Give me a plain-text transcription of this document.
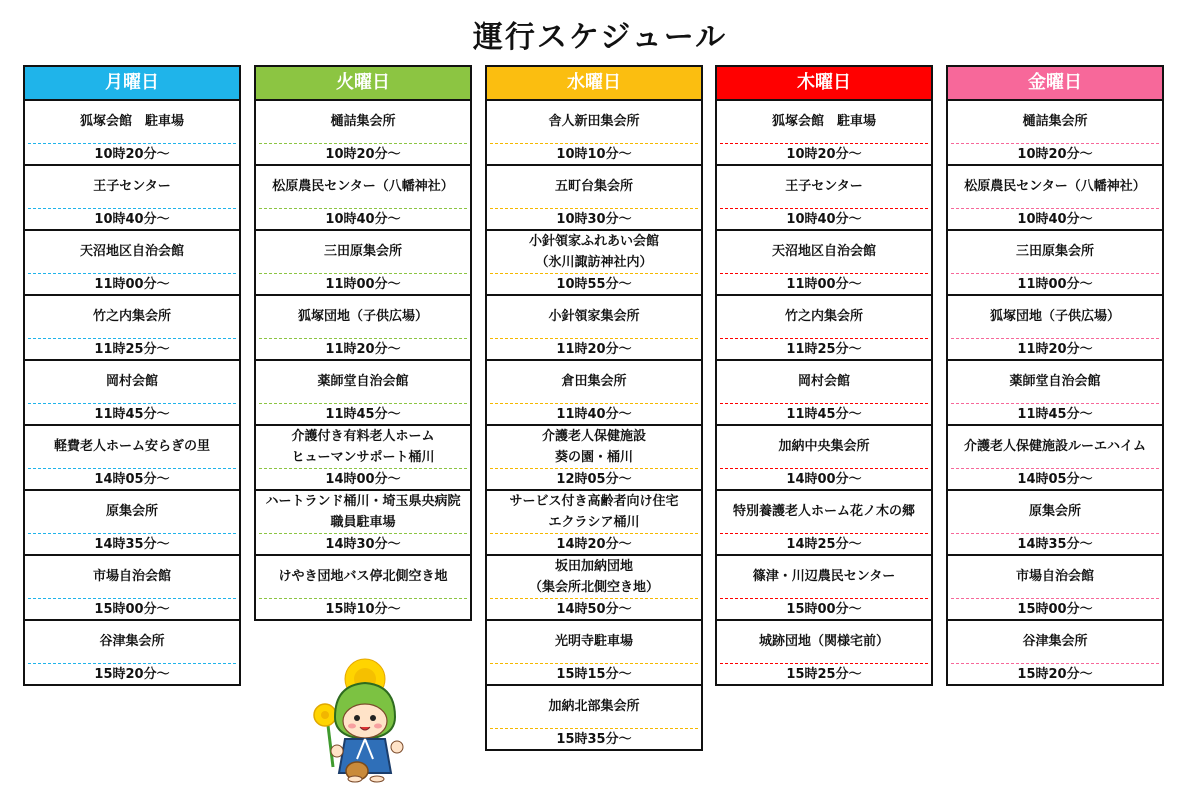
運行スケジュール
月曜日
狐塚会館　駐車場
10時20分～
王子センター
10時40分～
天沼地区自治会館
11時00分～
竹之内集会所
11時25分～
岡村会館
11時45分～
軽費老人ホーム安らぎの里
14時05分～
原集会所
14時35分～
市場自治会館
15時00分～
谷津集会所
15時20分～
火曜日
樋詰集会所
10時20分～
松原農民センター（八幡神社）
10時40分～
三田原集会所
11時00分～
狐塚団地（子供広場）
11時20分～
薬師堂自治会館
11時45分～
介護付き有料老人ホーム
ヒューマンサポート桶川
14時00分～
ハートランド桶川・埼玉県央病院
職員駐車場
14時30分～
けやき団地バス停北側空き地
15時10分～
水曜日
舎人新田集会所
10時10分～
五町台集会所
10時30分～
小針領家ふれあい会館
（氷川諏訪神社内）
10時55分～
小針領家集会所
11時20分～
倉田集会所
11時40分～
介護老人保健施設
葵の園・桶川
12時05分～
サービス付き高齢者向け住宅
エクラシア桶川
14時20分～
坂田加納団地
（集会所北側空き地）
14時50分～
光明寺駐車場
15時15分～
加納北部集会所
15時35分～
木曜日
狐塚会館　駐車場
10時20分～
王子センター
10時40分～
天沼地区自治会館
11時00分～
竹之内集会所
11時25分～
岡村会館
11時45分～
加納中央集会所
14時00分～
特別養護老人ホーム花ノ木の郷
14時25分～
篠津・川辺農民センター
15時00分～
城跡団地（関様宅前）
15時25分～
金曜日
樋詰集会所
10時20分～
松原農民センター（八幡神社）
10時40分～
三田原集会所
11時00分～
狐塚団地（子供広場）
11時20分～
薬師堂自治会館
11時45分～
介護老人保健施設ルーエハイム
14時05分～
原集会所
14時35分～
市場自治会館
15時00分～
谷津集会所
15時20分～
